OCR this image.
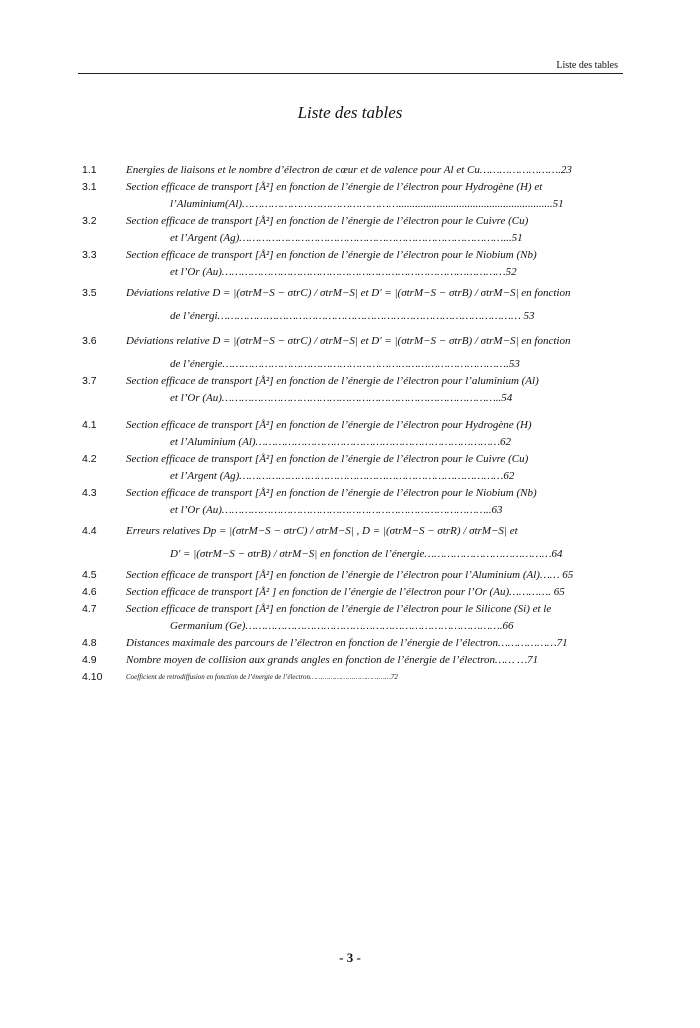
Liste des tables
Liste des tables
1.1	Energies de liaisons et le nombre d’électron de cœur et de valence pour Al et Cu…………………….23
3.1	Section efficace de transport [Å²] en fonction de l’énergie de l’électron pour Hydrogène (H) et
l’Aluminium(Al)…………………………………………........................................................51
3.2	Section efficace de transport [Å²] en fonction de l’énergie de l’électron pour le Cuivre (Cu)
et l’Argent (Ag)………………………………………………………………………...51
3.3	Section efficace de transport [Å²] en fonction de l’énergie de l’électron pour le Niobium (Nb)
et l’Or (Au)……………………………………………………………………………52
3.5	Déviations relative D = |(σtrM−S − σtrC) / σtrM−S| et D' = |(σtrM−S − σtrB) / σtrM−S| en fonction
de l’énergi………………………………………………………………………………… 53
3.6	Déviations relative D = |(σtrM−S − σtrC) / σtrM−S| et D' = |(σtrM−S − σtrB) / σtrM−S| en fonction
de l’énergie…………………………………………………………………………….53
3.7	Section efficace de transport [Å²] en fonction de l’énergie de l’électron pour l’aluminium (Al)
et l’Or (Au)…………………………………………………………………………..54
4.1	Section efficace de transport [Å²] en fonction de l’énergie de l’électron pour Hydrogène (H)
et l’Aluminium (Al)…………………………………………………………………62
4.2	Section efficace de transport [Å²] en fonction de l’énergie de l’électron pour le Cuivre (Cu)
et l’Argent (Ag)………………………………………………………………………62
4.3	Section efficace de transport [Å²] en fonction de l’énergie de l’électron pour le Niobium (Nb)
et l’Or (Au)………………………………………………………………………..63
4.4	Erreurs relatives Dp = |(σtrM−S − σtrC) / σtrM−S| , D = |(σtrM−S − σtrR) / σtrM−S| et
D' = |(σtrM−S − σtrB) / σtrM−S| en fonction de l’énergie…………………………………64
4.5	Section efficace de transport [Å²] en fonction de l’énergie de l’électron pour l’Aluminium (Al)…… 65
4.6	Section efficace de transport [Å² ] en fonction de l’énergie de l’électron pour l’Or (Au)…………. 65
4.7	Section efficace de transport [Å²] en fonction de l’énergie de l’électron pour le Silicone (Si) et le
Germanium (Ge)…………………………………………………………………….66
4.8	Distances maximale des parcours de l’électron en fonction de l’énergie de l’électron………………71
4.9	Nombre moyen de collision aux grands angles en fonction de l’énergie de l’électron…… …71
4.10	Coefficient de retrodiffusion en fonction de l’énergie de l’électron…………………………………72
- 3 -
